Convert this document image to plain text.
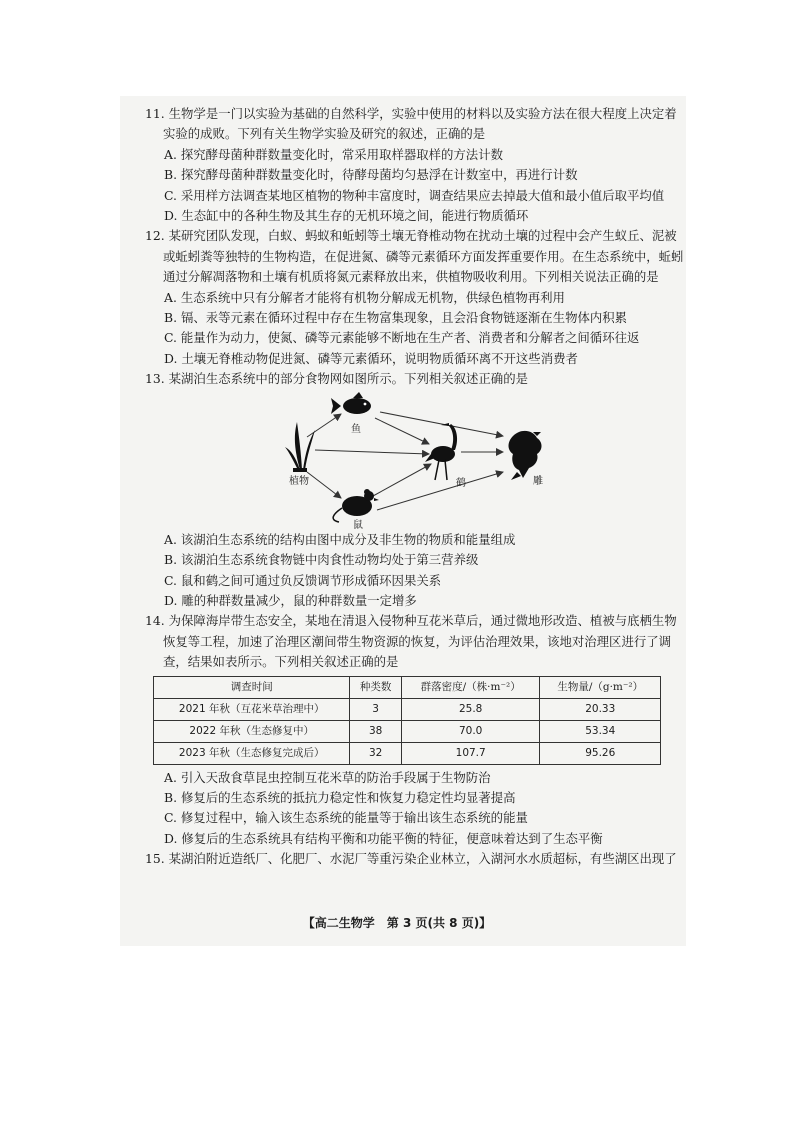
11. 生物学是一门以实验为基础的自然科学，实验中使用的材料以及实验方法在很大程度上决定着实验的成败。下列有关生物学实验及研究的叙述，正确的是

A. 探究酵母菌种群数量变化时，常采用取样器取样的方法计数

B. 探究酵母菌种群数量变化时，待酵母菌均匀悬浮在计数室中，再进行计数

C. 采用样方法调查某地区植物的物种丰富度时，调查结果应去掉最大值和最小值后取平均值

D. 生态缸中的各种生物及其生存的无机环境之间，能进行物质循环

12. 某研究团队发现，白蚁、蚂蚁和蚯蚓等土壤无脊椎动物在扰动土壤的过程中会产生蚁丘、泥被或蚯蚓粪等独特的生物构造，在促进氮、磷等元素循环方面发挥重要作用。在生态系统中，蚯蚓通过分解凋落物和土壤有机质将氮元素释放出来，供植物吸收利用。下列相关说法正确的是

A. 生态系统中只有分解者才能将有机物分解成无机物，供绿色植物再利用

B. 镉、汞等元素在循环过程中存在生物富集现象，且会沿食物链逐渐在生物体内积累

C. 能量作为动力，使氮、磷等元素能够不断地在生产者、消费者和分解者之间循环往返

D. 土壤无脊椎动物促进氮、磷等元素循环，说明物质循环离不开这些消费者

13. 某湖泊生态系统中的部分食物网如图所示。下列相关叙述正确的是

鱼
植物	鹤	雕
鼠

A. 该湖泊生态系统的结构由图中成分及非生物的物质和能量组成

B. 该湖泊生态系统食物链中肉食性动物均处于第三营养级

C. 鼠和鹤之间可通过负反馈调节形成循环因果关系

D. 雕的种群数量减少，鼠的种群数量一定增多

14. 为保障海岸带生态安全，某地在清退入侵物种互花米草后，通过微地形改造、植被与底栖生物恢复等工程，加速了治理区潮间带生物资源的恢复，为评估治理效果，该地对治理区进行了调查，结果如表所示。下列相关叙述正确的是

调查时间	种类数	群落密度/（株·m⁻²）	生物量/（g·m⁻²）
2021 年秋（互花米草治理中）	3	25.8	20.33
2022 年秋（生态修复中）	38	70.0	53.34
2023 年秋（生态修复完成后）	32	107.7	95.26

A. 引入天敌食草昆虫控制互花米草的防治手段属于生物防治

B. 修复后的生态系统的抵抗力稳定性和恢复力稳定性均显著提高

C. 修复过程中，输入该生态系统的能量等于输出该生态系统的能量

D. 修复后的生态系统具有结构平衡和功能平衡的特征，便意味着达到了生态平衡

15. 某湖泊附近造纸厂、化肥厂、水泥厂等重污染企业林立，入湖河水水质超标，有些湖区出现了

【高二生物学　第 3 页(共 8 页)】
